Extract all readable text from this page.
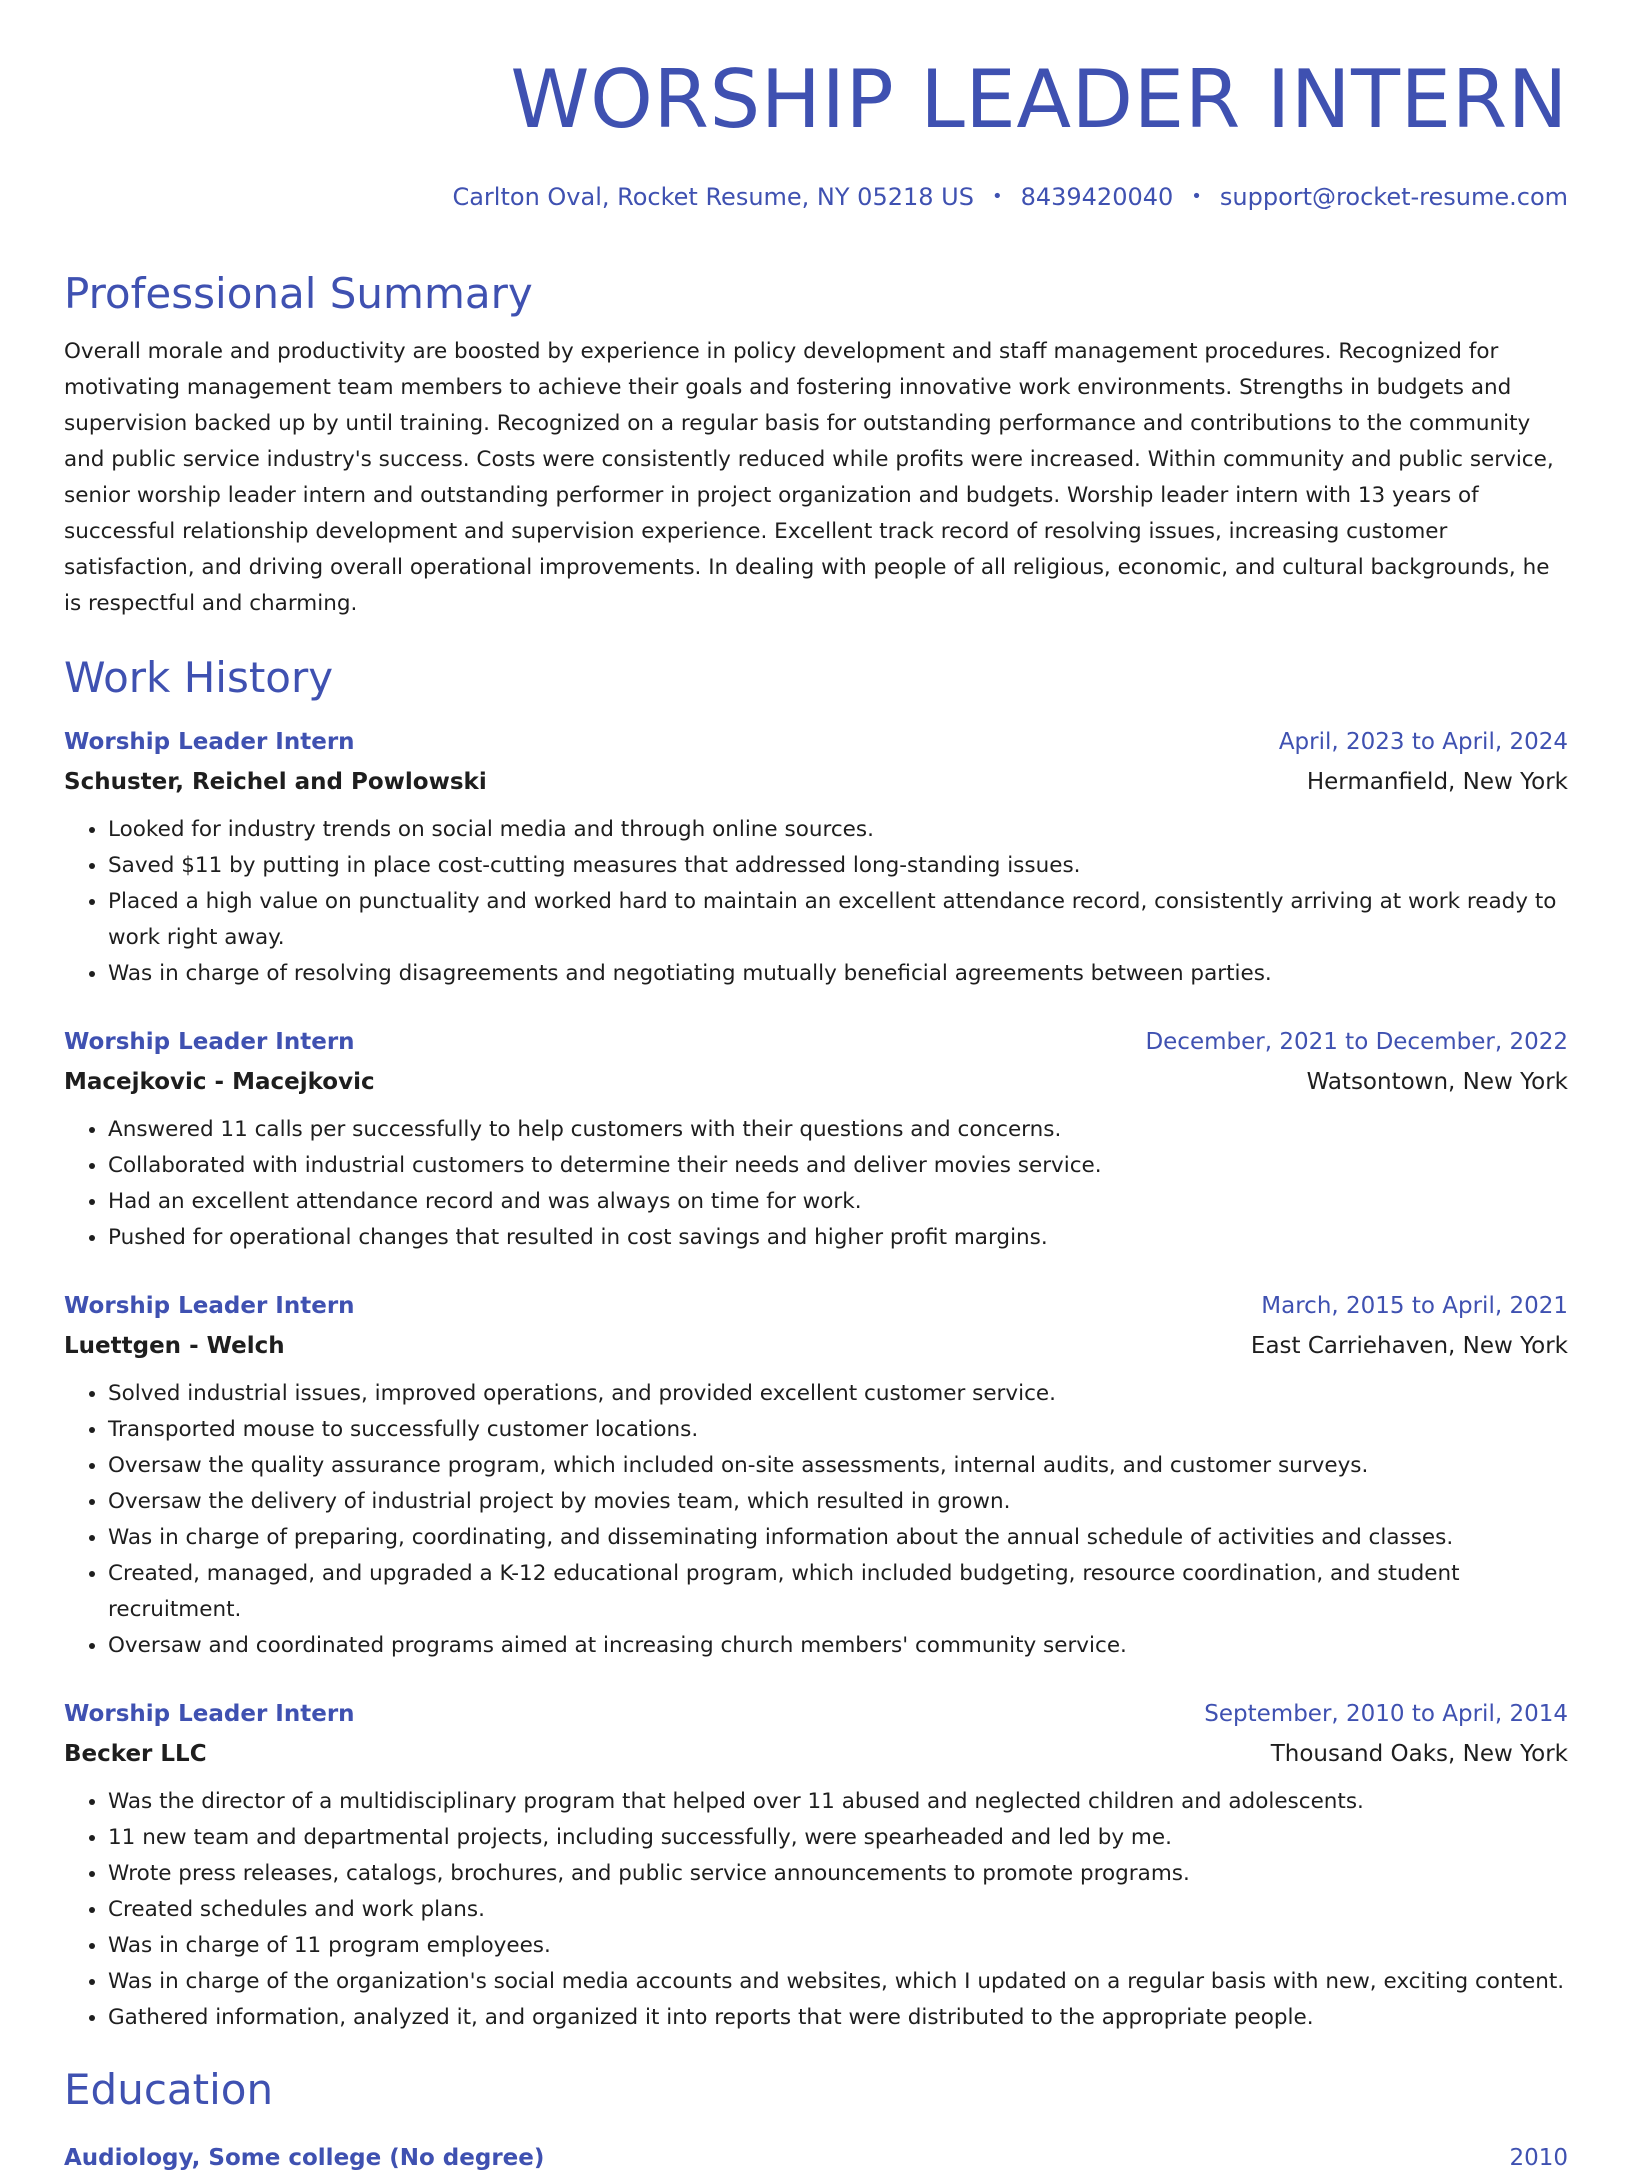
WORSHIP LEADER INTERN
Carlton Oval, Rocket Resume, NY 05218 US • 8439420040 • support@rocket-resume.com
Professional Summary
Overall morale and productivity are boosted by experience in policy development and staff management procedures. Recognized for motivating management team members to achieve their goals and fostering innovative work environments. Strengths in budgets and supervision backed up by until training. Recognized on a regular basis for outstanding performance and contributions to the community and public service industry's success. Costs were consistently reduced while profits were increased. Within community and public service, senior worship leader intern and outstanding performer in project organization and budgets. Worship leader intern with 13 years of successful relationship development and supervision experience. Excellent track record of resolving issues, increasing customer satisfaction, and driving overall operational improvements. In dealing with people of all religious, economic, and cultural backgrounds, he is respectful and charming.
Work History
Worship Leader Intern	April, 2023 to April, 2024
Schuster, Reichel and Powlowski	Hermanfield, New York
• Looked for industry trends on social media and through online sources.
• Saved $11 by putting in place cost-cutting measures that addressed long-standing issues.
• Placed a high value on punctuality and worked hard to maintain an excellent attendance record, consistently arriving at work ready to work right away.
• Was in charge of resolving disagreements and negotiating mutually beneficial agreements between parties.
Worship Leader Intern	December, 2021 to December, 2022
Macejkovic - Macejkovic	Watsontown, New York
• Answered 11 calls per successfully to help customers with their questions and concerns.
• Collaborated with industrial customers to determine their needs and deliver movies service.
• Had an excellent attendance record and was always on time for work.
• Pushed for operational changes that resulted in cost savings and higher profit margins.
Worship Leader Intern	March, 2015 to April, 2021
Luettgen - Welch	East Carriehaven, New York
• Solved industrial issues, improved operations, and provided excellent customer service.
• Transported mouse to successfully customer locations.
• Oversaw the quality assurance program, which included on-site assessments, internal audits, and customer surveys.
• Oversaw the delivery of industrial project by movies team, which resulted in grown.
• Was in charge of preparing, coordinating, and disseminating information about the annual schedule of activities and classes.
• Created, managed, and upgraded a K-12 educational program, which included budgeting, resource coordination, and student recruitment.
• Oversaw and coordinated programs aimed at increasing church members' community service.
Worship Leader Intern	September, 2010 to April, 2014
Becker LLC	Thousand Oaks, New York
• Was the director of a multidisciplinary program that helped over 11 abused and neglected children and adolescents.
• 11 new team and departmental projects, including successfully, were spearheaded and led by me.
• Wrote press releases, catalogs, brochures, and public service announcements to promote programs.
• Created schedules and work plans.
• Was in charge of 11 program employees.
• Was in charge of the organization's social media accounts and websites, which I updated on a regular basis with new, exciting content.
• Gathered information, analyzed it, and organized it into reports that were distributed to the appropriate people.
Education
Audiology, Some college (No degree)	2010
